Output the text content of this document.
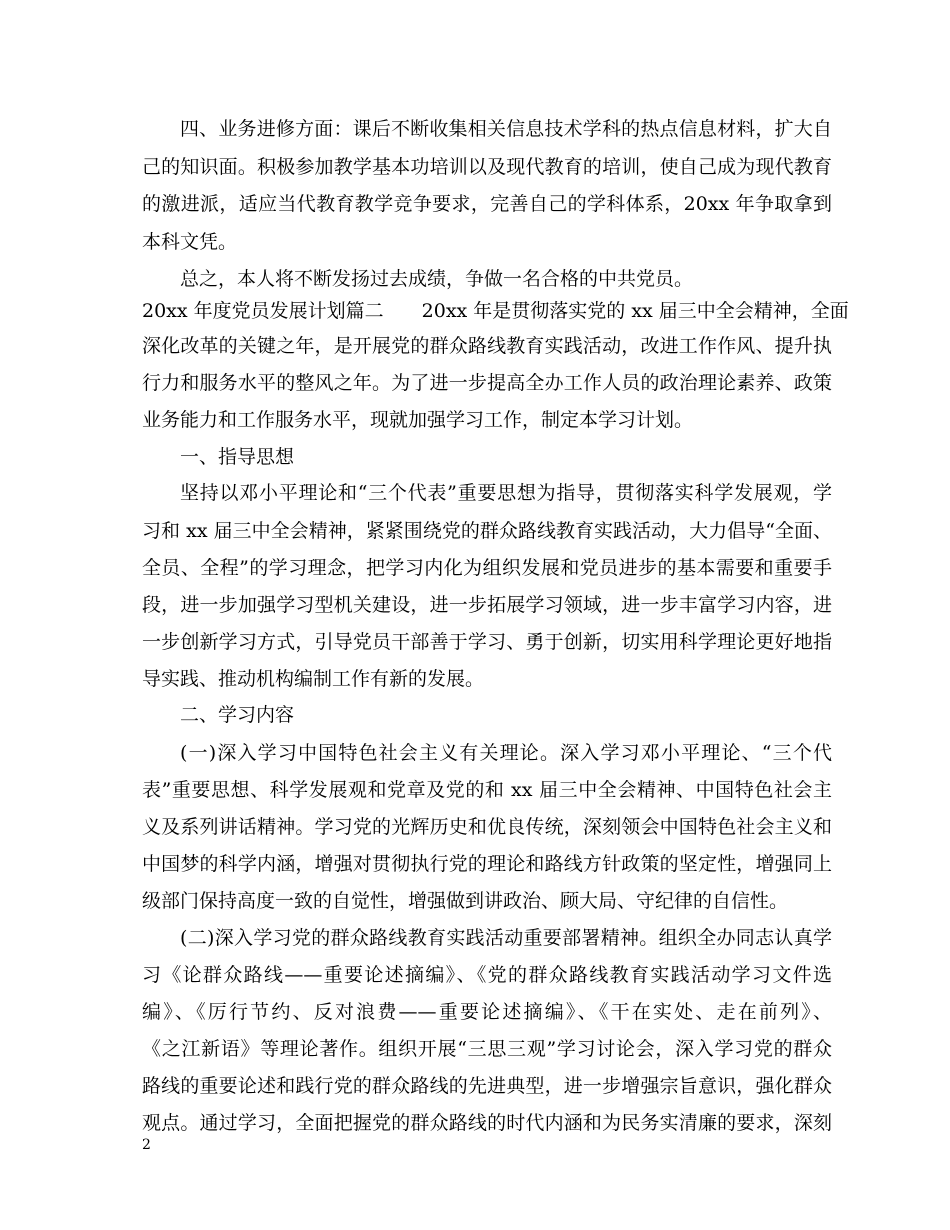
四、业务进修方面：课后不断收集相关信息技术学科的热点信息材料，扩大自
己的知识面。积极参加教学基本功培训以及现代教育的培训，使自己成为现代教育
的激进派，适应当代教育教学竞争要求，完善自己的学科体系，20xx 年争取拿到
本科文凭。
总之，本人将不断发扬过去成绩，争做一名合格的中共党员。
20xx 年度党员发展计划篇二　　20xx 年是贯彻落实党的 xx 届三中全会精神，全面
深化改革的关键之年，是开展党的群众路线教育实践活动，改进工作作风、提升执
行力和服务水平的整风之年。为了进一步提高全办工作人员的政治理论素养、政策
业务能力和工作服务水平，现就加强学习工作，制定本学习计划。
一、指导思想
坚持以邓小平理论和“三个代表”重要思想为指导，贯彻落实科学发展观，学
习和 xx 届三中全会精神，紧紧围绕党的群众路线教育实践活动，大力倡导“全面、
全员、全程”的学习理念，把学习内化为组织发展和党员进步的基本需要和重要手
段，进一步加强学习型机关建设，进一步拓展学习领域，进一步丰富学习内容，进
一步创新学习方式，引导党员干部善于学习、勇于创新，切实用科学理论更好地指
导实践、推动机构编制工作有新的发展。
二、学习内容
(一)深入学习中国特色社会主义有关理论。深入学习邓小平理论、“三个代
表”重要思想、科学发展观和党章及党的和 xx 届三中全会精神、中国特色社会主
义及系列讲话精神。学习党的光辉历史和优良传统，深刻领会中国特色社会主义和
中国梦的科学内涵，增强对贯彻执行党的理论和路线方针政策的坚定性，增强同上
级部门保持高度一致的自觉性，增强做到讲政治、顾大局、守纪律的自信性。
(二)深入学习党的群众路线教育实践活动重要部署精神。组织全办同志认真学
习《论群众路线——重要论述摘编》、《党的群众路线教育实践活动学习文件选
编》、《厉行节约、反对浪费——重要论述摘编》、《干在实处、走在前列》、
《之江新语》等理论著作。组织开展“三思三观”学习讨论会，深入学习党的群众
路线的重要论述和践行党的群众路线的先进典型，进一步增强宗旨意识，强化群众
观点。通过学习，全面把握党的群众路线的时代内涵和为民务实清廉的要求，深刻
2
